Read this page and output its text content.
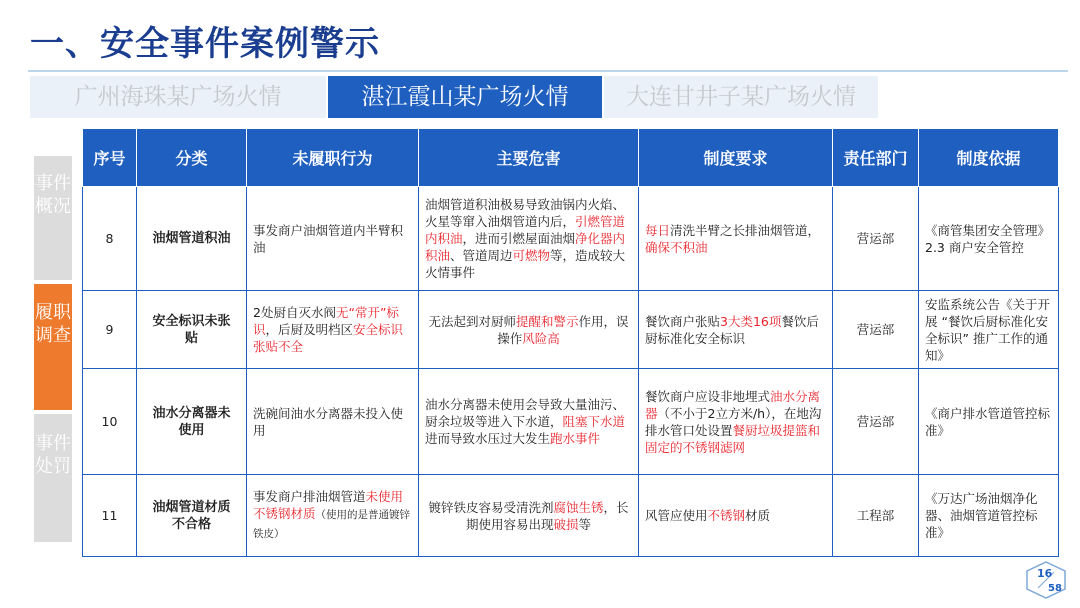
一、安全事件案例警示
广州海珠某广场火情	湛江霞山某广场火情	大连甘井子某广场火情
事件概况
履职调查
事件处罚
序号	分类	未履职行为	主要危害	制度要求	责任部门	制度依据
8	油烟管道积油	事发商户油烟管道内半臂积油	油烟管道积油极易导致油锅内火焰、火星等窜入油烟管道内后，引燃管道内积油，进而引燃屋面油烟净化器内积油、管道周边可燃物等，造成较大火情事件	每日清洗半臂之长排油烟管道，确保不积油	营运部	《商管集团安全管理》2.3 商户安全管控
9	安全标识未张贴	2处厨自灭水阀无“常开”标识，后厨及明档区安全标识张贴不全	无法起到对厨师提醒和警示作用，误操作风险高	餐饮商户张贴3大类16项餐饮后厨标准化安全标识	营运部	安监系统公告《关于开展 “餐饮后厨标准化安全标识” 推广工作的通知》
10	油水分离器未使用	洗碗间油水分离器未投入使用	油水分离器未使用会导致大量油污、厨余垃圾等进入下水道，阻塞下水道进而导致水压过大发生跑水事件	餐饮商户应设非地埋式油水分离器（不小于2立方米/h），在地沟排水管口处设置餐厨垃圾提篮和固定的不锈钢滤网	营运部	《商户排水管道管控标准》
11	油烟管道材质不合格	事发商户排油烟管道未使用不锈钢材质（使用的是普通镀锌铁皮）	镀锌铁皮容易受清洗剂腐蚀生锈，长期使用容易出现破损等	风管应使用不锈钢材质	工程部	《万达广场油烟净化器、油烟管道管控标准》
16
58
